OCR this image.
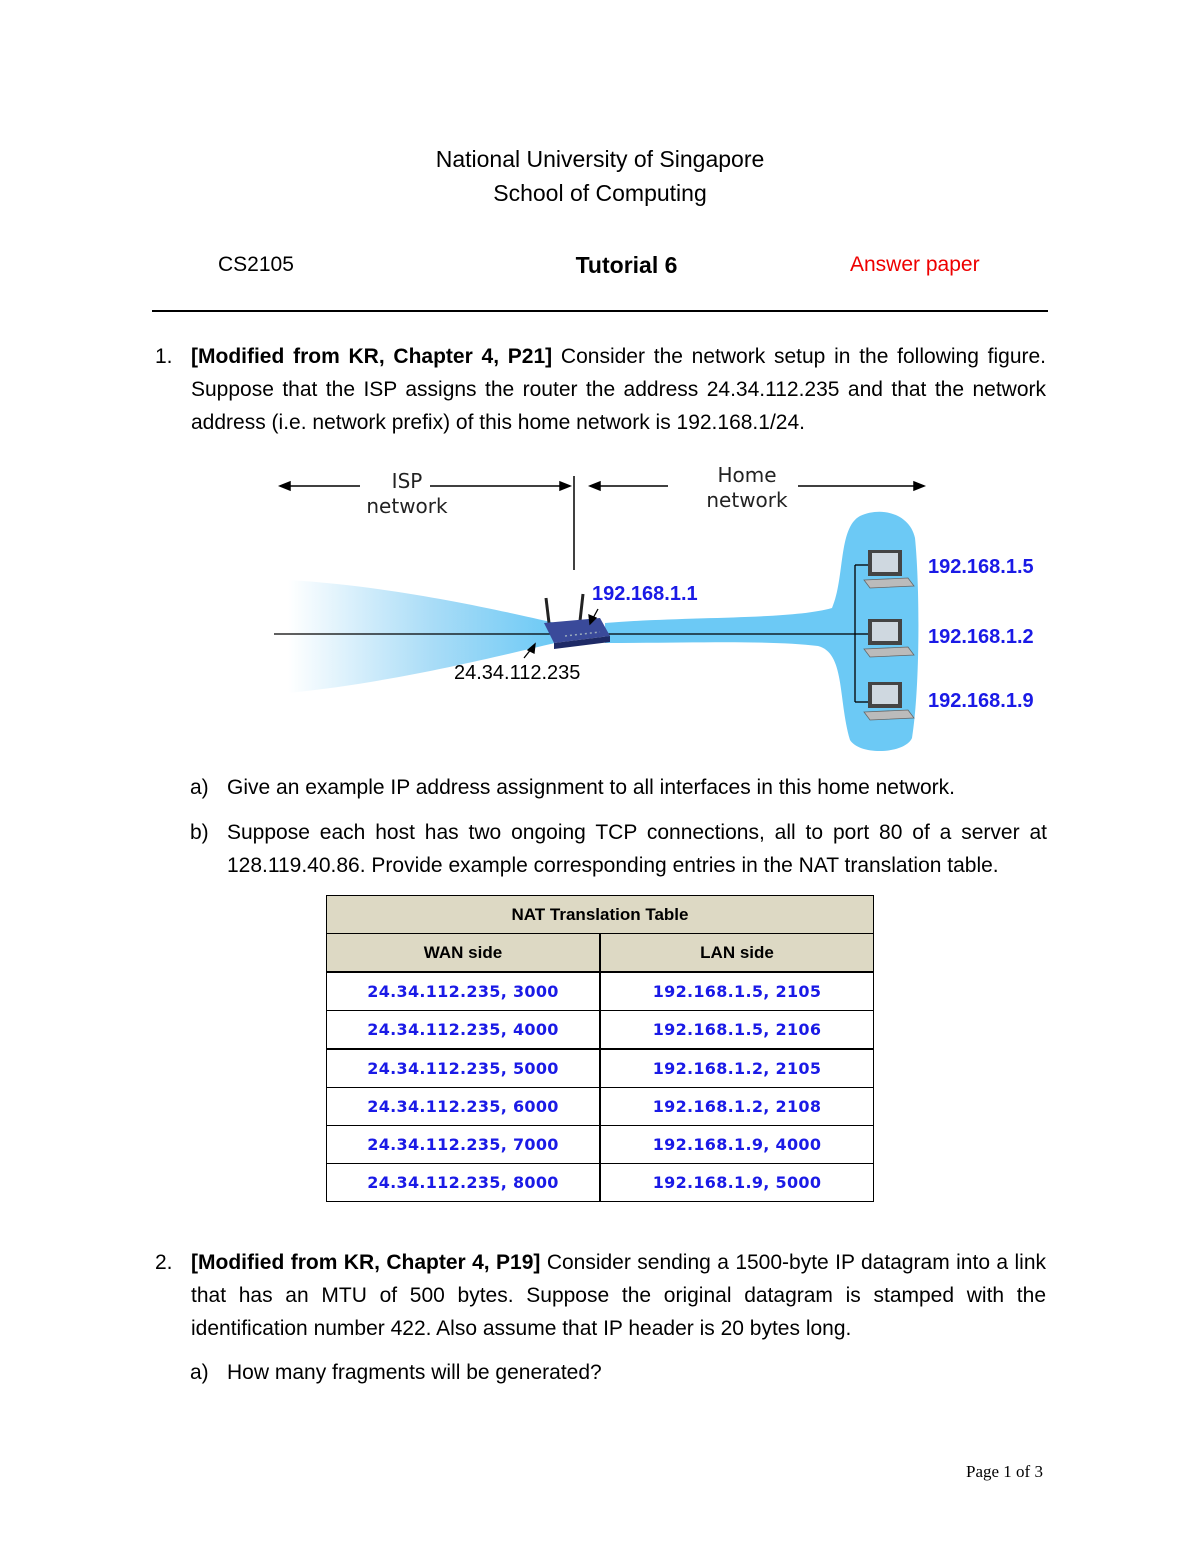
National University of Singapore
School of Computing
CS2105	Tutorial 6	Answer paper
1. [Modified from KR, Chapter 4, P21] Consider the network setup in the following figure. Suppose that the ISP assigns the router the address 24.34.112.235 and that the network address (i.e. network prefix) of this home network is 192.168.1/24.
ISP
network
Home
network
192.168.1.1
24.34.112.235
192.168.1.5
192.168.1.2
192.168.1.9
a) Give an example IP address assignment to all interfaces in this home network.
b) Suppose each host has two ongoing TCP connections, all to port 80 of a server at 128.119.40.86. Provide example corresponding entries in the NAT translation table.
NAT Translation Table	
WAN side	LAN side
24.34.112.235, 3000	192.168.1.5, 2105
24.34.112.235, 4000	192.168.1.5, 2106
24.34.112.235, 5000	192.168.1.2, 2105
24.34.112.235, 6000	192.168.1.2, 2108
24.34.112.235, 7000	192.168.1.9, 4000
24.34.112.235, 8000	192.168.1.9, 5000
2. [Modified from KR, Chapter 4, P19] Consider sending a 1500-byte IP datagram into a link that has an MTU of 500 bytes. Suppose the original datagram is stamped with the identification number 422. Also assume that IP header is 20 bytes long.
a) How many fragments will be generated?
Page 1 of 3
